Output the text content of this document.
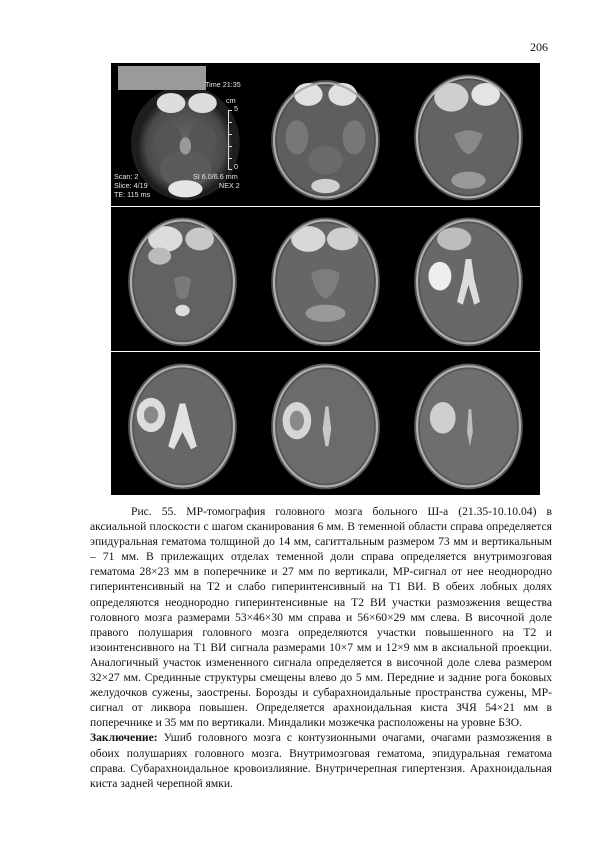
206
Time 21:35
cm
5
0
Scan: 2
Slice: 4/19
TE: 115 ms
SI 6.0/6.6 mm
NEX 2

Рис. 55. МР-томография головного мозга больного Ш-а (21.35-10.10.04) в аксиальной плоскости с шагом сканирования 6 мм. В теменной области справа определяется эпидуральная гематома толщиной до 14 мм, сагиттальным размером 73 мм и вертикальным – 71 мм. В прилежащих отделах теменной доли справа определяется внутримозговая гематома 28×23 мм в поперечнике и 27 мм по вертикали, МР-сигнал от нее неоднородно гиперинтенсивный на Т2 и слабо гиперинтенсивный на Т1 ВИ. В обеих лобных долях определяются неоднородно гиперинтенсивные на Т2 ВИ участки размозжения вещества головного мозга размерами 53×46×30 мм справа и 56×60×29 мм слева. В височной доле правого полушария головного мозга определяются участки повышенного на Т2 и изоинтенсивного на Т1 ВИ сигнала размерами 10×7 мм и 12×9 мм в аксиальной проекции. Аналогичный участок измененного сигнала определяется в височной доле слева размером 32×27 мм. Срединные структуры смещены влево до 5 мм. Передние и задние рога боковых желудочков сужены, заострены. Борозды и субарахноидальные пространства сужены, МР-сигнал от ликвора повышен. Определяется арахноидальная киста ЗЧЯ 54×21 мм в поперечнике и 35 мм по вертикали. Миндалики мозжечка расположены на уровне БЗО.

Заключение: Ушиб головного мозга с контузионными очагами, очагами размозжения в обоих полушариях головного мозга. Внутримозговая гематома, эпидуральная гематома справа. Субарахноидальное кровоизлияние. Внутричерепная гипертензия. Арахноидальная киста задней черепной ямки.
